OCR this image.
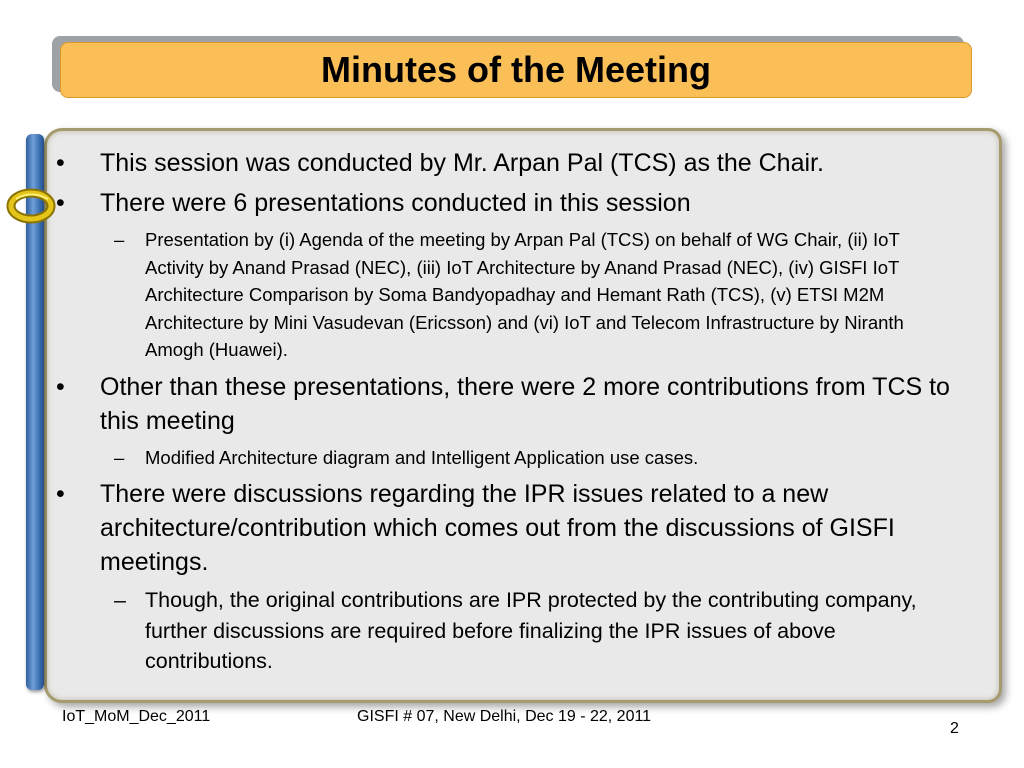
Minutes of the Meeting
•	This session was conducted by Mr. Arpan Pal (TCS) as the Chair.
•	There were 6 presentations conducted in this session
– Presentation by (i) Agenda of the meeting by Arpan Pal (TCS) on behalf of WG Chair, (ii) IoT Activity by Anand Prasad (NEC), (iii) IoT Architecture by Anand Prasad (NEC), (iv) GISFI IoT Architecture Comparison by Soma Bandyopadhay and Hemant Rath (TCS), (v) ETSI M2M Architecture by Mini Vasudevan (Ericsson) and (vi) IoT and Telecom Infrastructure by Niranth Amogh (Huawei).
•	Other than these presentations, there were 2 more contributions from TCS to this meeting
– Modified Architecture diagram and Intelligent Application use cases.
•	There were discussions regarding the IPR issues related to a new architecture/contribution which comes out from the discussions of GISFI meetings.
– Though, the original contributions are IPR protected by the contributing company, further discussions are required before finalizing the IPR issues of above contributions.
IoT_MoM_Dec_2011	GISFI # 07, New Delhi, Dec 19 - 22, 2011
2
